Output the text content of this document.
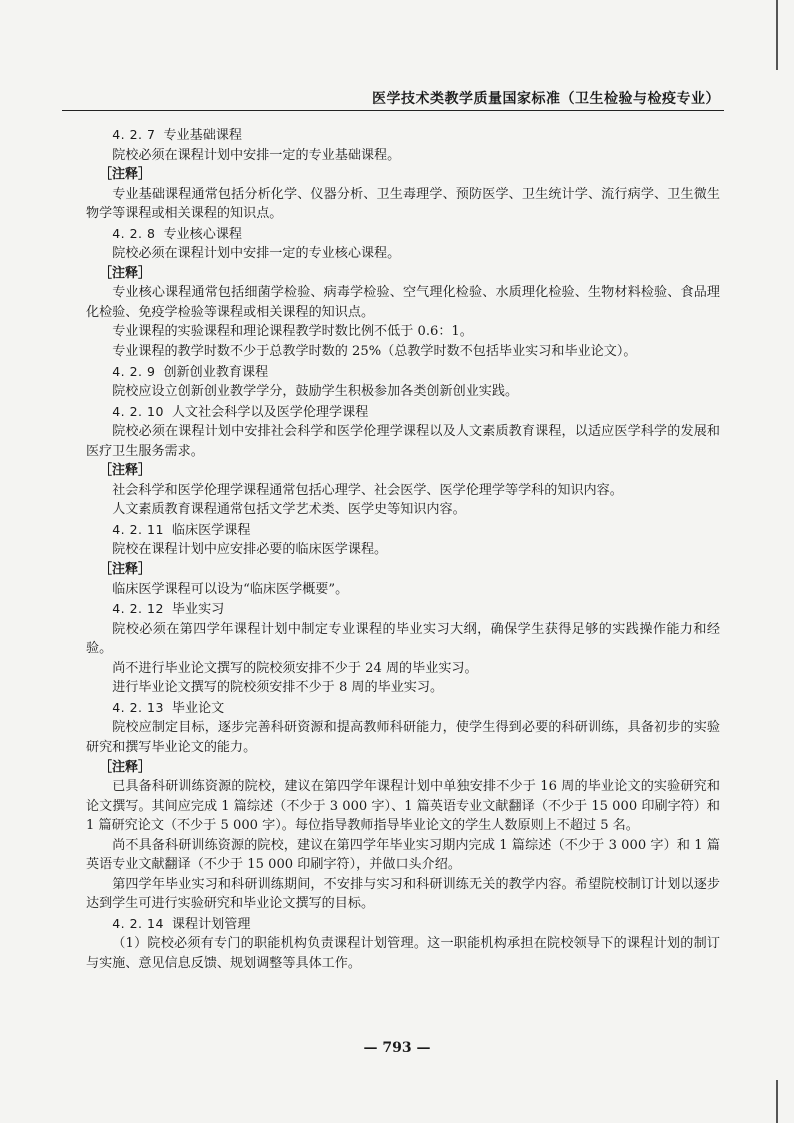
医学技术类教学质量国家标准（卫生检验与检疫专业）

4. 2. 7 专业基础课程

院校必须在课程计划中安排一定的专业基础课程。

［注释］

专业基础课程通常包括分析化学、仪器分析、卫生毒理学、预防医学、卫生统计学、流行病学、卫生微生物学等课程或相关课程的知识点。

4. 2. 8 专业核心课程

院校必须在课程计划中安排一定的专业核心课程。

［注释］

专业核心课程通常包括细菌学检验、病毒学检验、空气理化检验、水质理化检验、生物材料检验、食品理化检验、免疫学检验等课程或相关课程的知识点。

专业课程的实验课程和理论课程教学时数比例不低于 0.6：1。

专业课程的教学时数不少于总教学时数的 25%（总教学时数不包括毕业实习和毕业论文）。

4. 2. 9 创新创业教育课程

院校应设立创新创业教学学分，鼓励学生积极参加各类创新创业实践。

4. 2. 10 人文社会科学以及医学伦理学课程

院校必须在课程计划中安排社会科学和医学伦理学课程以及人文素质教育课程，以适应医学科学的发展和医疗卫生服务需求。

［注释］

社会科学和医学伦理学课程通常包括心理学、社会医学、医学伦理学等学科的知识内容。

人文素质教育课程通常包括文学艺术类、医学史等知识内容。

4. 2. 11 临床医学课程

院校在课程计划中应安排必要的临床医学课程。

［注释］

临床医学课程可以设为“临床医学概要”。

4. 2. 12 毕业实习

院校必须在第四学年课程计划中制定专业课程的毕业实习大纲，确保学生获得足够的实践操作能力和经验。

尚不进行毕业论文撰写的院校须安排不少于 24 周的毕业实习。

进行毕业论文撰写的院校须安排不少于 8 周的毕业实习。

4. 2. 13 毕业论文

院校应制定目标，逐步完善科研资源和提高教师科研能力，使学生得到必要的科研训练，具备初步的实验研究和撰写毕业论文的能力。

［注释］

已具备科研训练资源的院校，建议在第四学年课程计划中单独安排不少于 16 周的毕业论文的实验研究和论文撰写。其间应完成 1 篇综述（不少于 3 000 字）、1 篇英语专业文献翻译（不少于 15 000 印刷字符）和 1 篇研究论文（不少于 5 000 字）。每位指导教师指导毕业论文的学生人数原则上不超过 5 名。

尚不具备科研训练资源的院校，建议在第四学年毕业实习期内完成 1 篇综述（不少于 3 000 字）和 1 篇英语专业文献翻译（不少于 15 000 印刷字符），并做口头介绍。

第四学年毕业实习和科研训练期间，不安排与实习和科研训练无关的教学内容。希望院校制订计划以逐步达到学生可进行实验研究和毕业论文撰写的目标。

4. 2. 14 课程计划管理

（1）院校必须有专门的职能机构负责课程计划管理。这一职能机构承担在院校领导下的课程计划的制订与实施、意见信息反馈、规划调整等具体工作。

— 793 —
